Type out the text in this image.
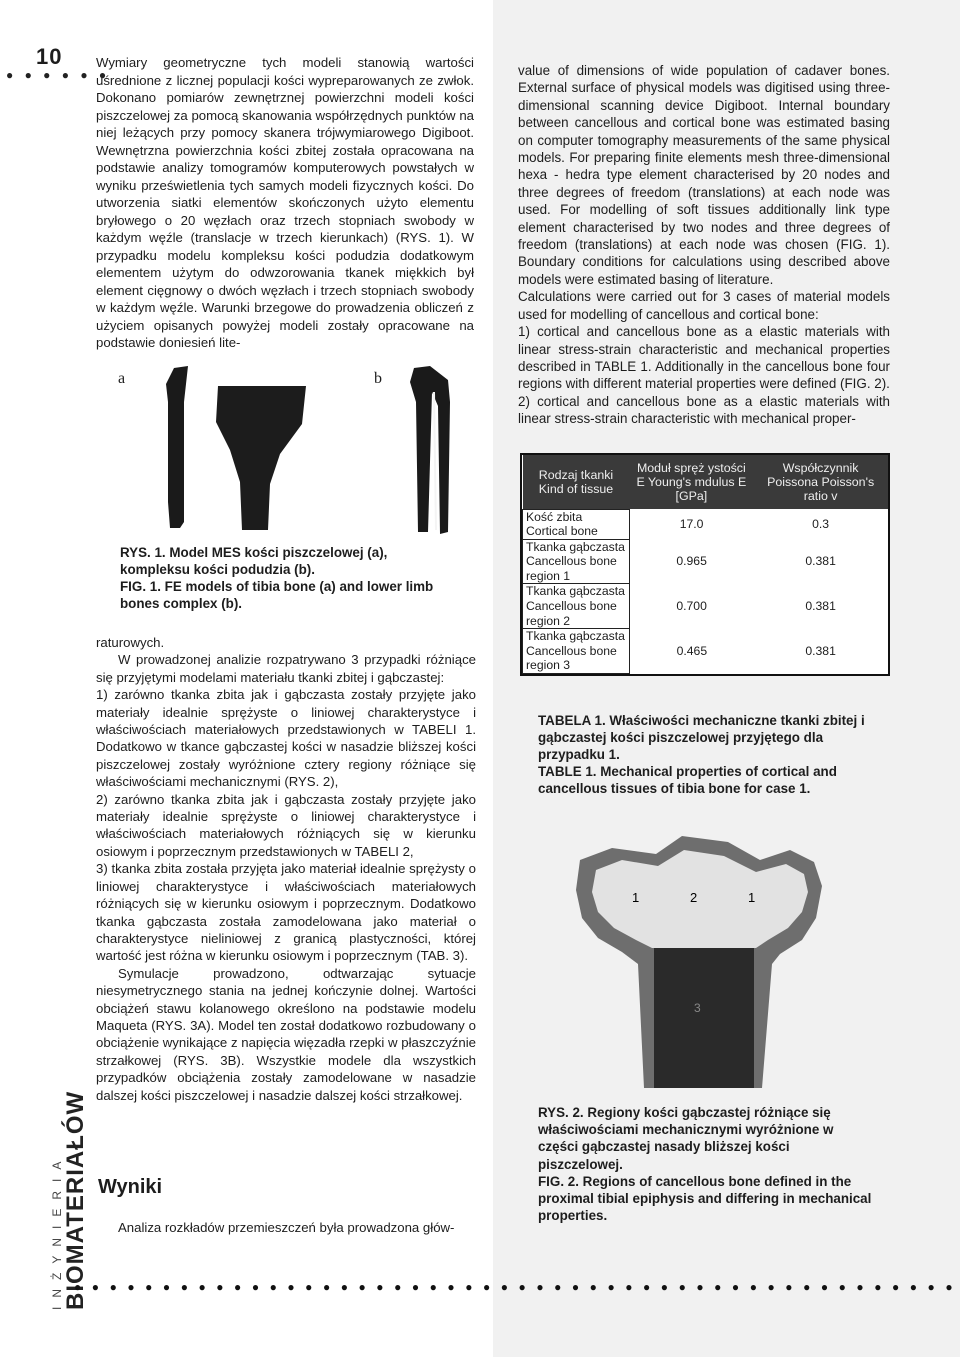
10
● ● ● ● ● ●

Wymiary geometryczne tych modeli stanowią wartości uśrednione z licznej populacji kości wypreparowanych ze zwłok. Dokonano pomiarów zewnętrznej powierzchni modeli kości piszczelowej za pomocą skanowania współrzędnych punktów na niej leżących przy pomocy skanera trójwymiarowego Digiboot. Wewnętrzna powierzchnia kości zbitej została opracowana na podstawie analizy tomogramów komputerowych powstałych w wyniku prześwietlenia tych samych modeli fizycznych kości. Do utworzenia siatki elementów skończonych użyto elementu bryłowego o 20 węzłach oraz trzech stopniach swobody w każdym węźle (translacje w trzech kierunkach) (RYS. 1). W przypadku modelu kompleksu kości podudzia dodatkowym elementem użytym do odwzorowania tkanek miękkich był element cięgnowy o dwóch węzłach i trzech stopniach swobody w każdym węźle. Warunki brzegowe do prowadzenia obliczeń z użyciem opisanych powyżej modeli zostały opracowane na podstawie doniesień lite-

a	b

RYS. 1. Model MES kości piszczelowej (a), kompleksu kości podudzia (b).

FIG. 1. FE models of tibia bone (a) and lower limb bones complex (b).

raturowych.

W prowadzonej analizie rozpatrywano 3 przypadki różniące się przyjętymi modelami materiału tkanki zbitej i gąbczastej:

1) zarówno tkanka zbita jak i gąbczasta zostały przyjęte jako materiały idealnie sprężyste o liniowej charakterystyce i właściwościach materiałowych przedstawionych w TABELI 1. Dodatkowo w tkance gąbczastej kości w nasadzie bliższej kości piszczelowej zostały wyróżnione cztery regiony różniące się właściwościami mechanicznymi (RYS. 2),

2) zarówno tkanka zbita jak i gąbczasta zostały przyjęte jako materiały idealnie sprężyste o liniowej charakterystyce i właściwościach materiałowych różniących się w kierunku osiowym i poprzecznym przedstawionych w TABELI 2,

3) tkanka zbita została przyjęta jako materiał idealnie sprężysty o liniowej charakterystyce i właściwościach materiałowych różniących się w kierunku osiowym i poprzecznym. Dodatkowo tkanka gąbczasta została zamodelowana jako materiał o charakterystyce nieliniowej z granicą plastyczności, której wartość jest różna w kierunku osiowym i poprzecznym (TAB. 3).

Symulacje prowadzono, odtwarzając sytuacje niesymetrycznego stania na jednej kończynie dolnej. Wartości obciążeń stawu kolanowego określono na podstawie modelu Maqueta (RYS. 3A). Model ten został dodatkowo rozbudowany o obciążenie wynikające z napięcia więzadła rzepki w płaszczyźnie strzałkowej (RYS. 3B). Wszystkie modele dla wszystkich przypadków obciążenia zostały zamodelowane w nasadzie dalszej kości piszczelowej i nasadzie dalszej kości strzałkowej.

Wyniki
Analiza rozkładów przemieszczeń była prowadzona głów-

value of dimensions of wide population of cadaver bones. External surface of physical models was digitised using three-dimensional scanning device Digiboot. Internal boundary between cancellous and cortical bone was estimated basing on computer tomography measurements of the same physical models. For preparing finite elements mesh three-dimensional hexa - hedra type element characterised by 20 nodes and three degrees of freedom (translations) at each node was used. For modelling of soft tissues additionally link type element characterised by two nodes and three degrees of freedom (translations) at each node was chosen (FIG. 1). Boundary conditions for calculations using described above models were estimated basing of literature.

Calculations were carried out for 3 cases of material models used for modelling of cancellous and cortical bone:

1) cortical and cancellous bone as a elastic materials with linear stress-strain characteristic and mechanical properties described in TABLE 1. Additionally in the cancellous bone four regions with different material properties were defined (FIG. 2).

2) cortical and cancellous bone as a elastic materials with linear stress-strain characteristic with mechanical proper-

Rodzaj tkanki Kind of tissue	Moduł spręż ystości E Young's mdulus E [GPa]	Współczynnik Poissona Poisson's ratio v

Kość zbita
Cortical bone	17.0	0.3

Tkanka gąbczasta
Cancellous bone
region 1	0.965	0.381

Tkanka gąbczasta
Cancellous bone
region 2	0.700	0.381

Tkanka gąbczasta
Cancellous bone
region 3	0.465	0.381

TABELA 1. Właściwości mechaniczne tkanki zbitej i gąbczastej kości piszczelowej przyjętego dla przypadku 1.

TABLE 1. Mechanical properties of cortical and cancellous tissues of tibia bone for case 1.

1	2	1
3

RYS. 2. Regiony kości gąbczastej różniące się właściwościami mechanicznymi wyróżnione w części gąbczastej nasady bliższej kości piszczelowej.

FIG. 2. Regions of cancellous bone defined in the proximal tibial epiphysis and differing in mechanical properties.

INŻYNIERIA
BIOMATERIAŁÓW
● ● ● ● ● ● ● ● ● ● ● ● ● ● ● ● ● ● ● ● ● ● ● ● ● ● ● ● ● ● ● ● ● ● ● ● ● ● ● ● ● ● ● ● ● ● ● ● ● ●
